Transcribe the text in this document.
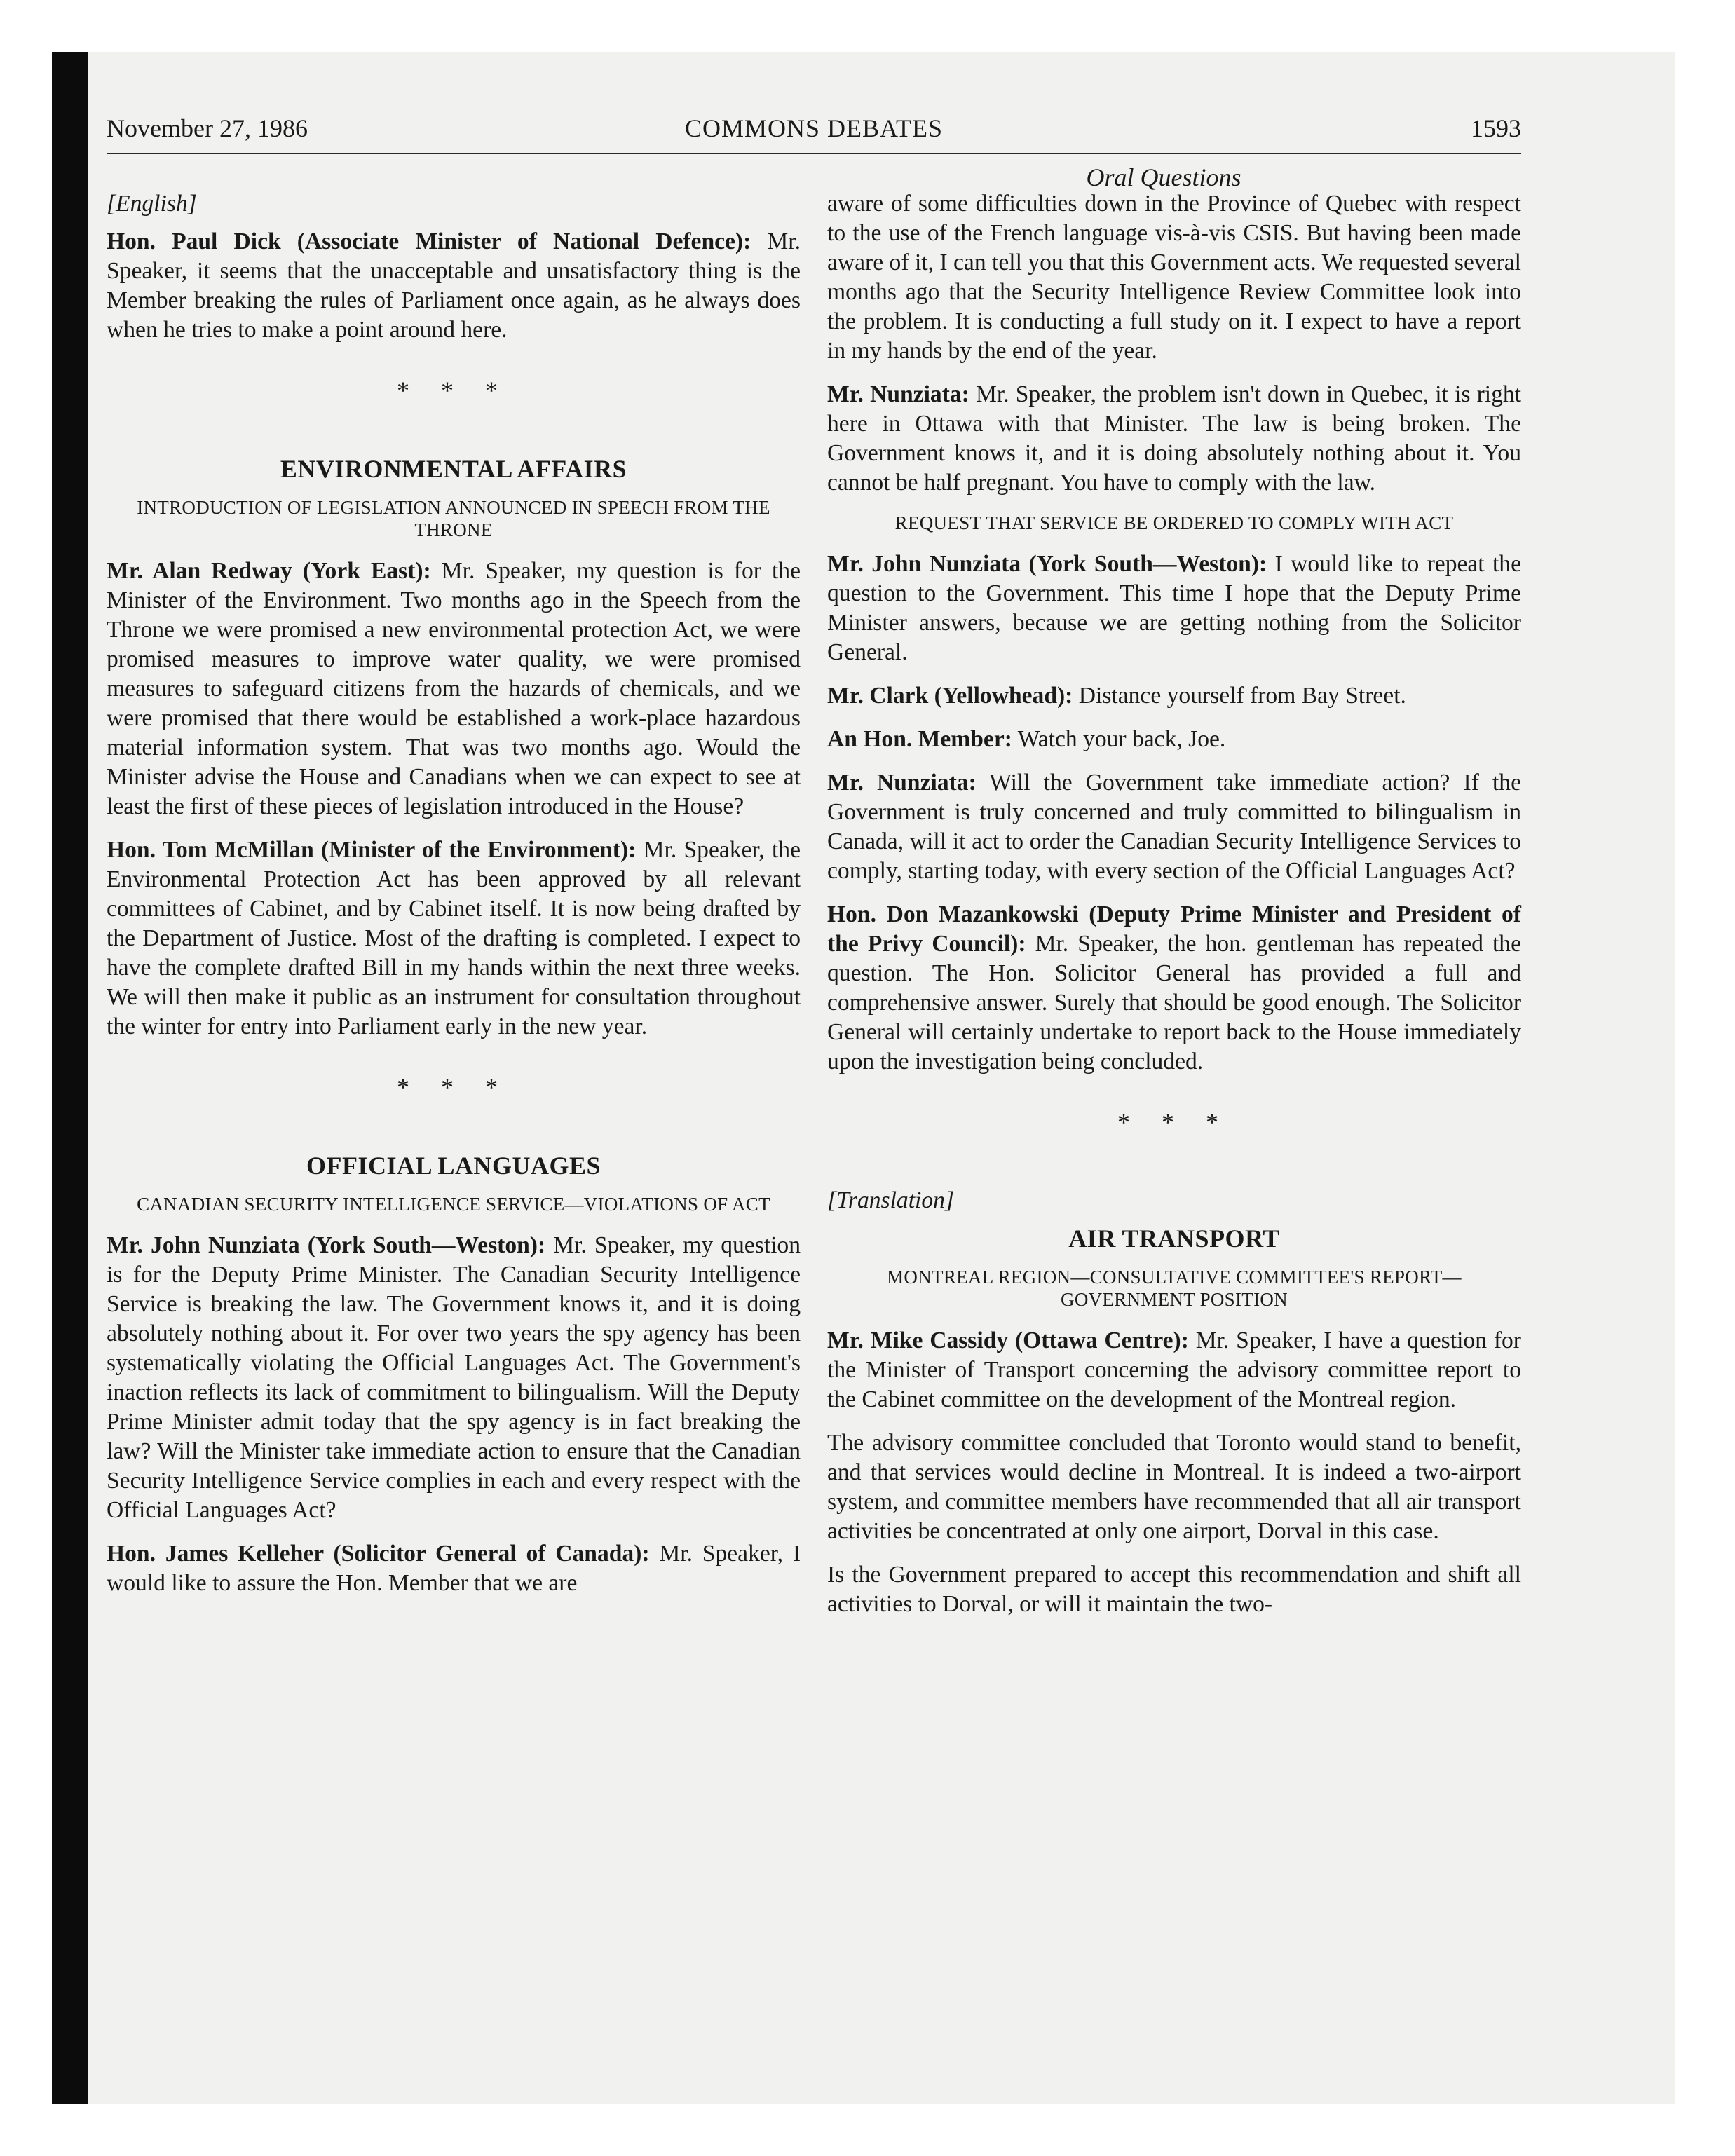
November 27, 1986	COMMONS DEBATES	1593
Oral Questions

[English]

Hon. Paul Dick (Associate Minister of National Defence): Mr. Speaker, it seems that the unacceptable and unsatisfactory thing is the Member breaking the rules of Parliament once again, as he always does when he tries to make a point around here.

* * *

ENVIRONMENTAL AFFAIRS

INTRODUCTION OF LEGISLATION ANNOUNCED IN SPEECH FROM THE THRONE

Mr. Alan Redway (York East): Mr. Speaker, my question is for the Minister of the Environment. Two months ago in the Speech from the Throne we were promised a new environmental protection Act, we were promised measures to improve water quality, we were promised measures to safeguard citizens from the hazards of chemicals, and we were promised that there would be established a work-place hazardous material information system. That was two months ago. Would the Minister advise the House and Canadians when we can expect to see at least the first of these pieces of legislation introduced in the House?

Hon. Tom McMillan (Minister of the Environment): Mr. Speaker, the Environmental Protection Act has been approved by all relevant committees of Cabinet, and by Cabinet itself. It is now being drafted by the Department of Justice. Most of the drafting is completed. I expect to have the complete drafted Bill in my hands within the next three weeks. We will then make it public as an instrument for consultation throughout the winter for entry into Parliament early in the new year.

* * *

OFFICIAL LANGUAGES

CANADIAN SECURITY INTELLIGENCE SERVICE—VIOLATIONS OF ACT

Mr. John Nunziata (York South—Weston): Mr. Speaker, my question is for the Deputy Prime Minister. The Canadian Security Intelligence Service is breaking the law. The Government knows it, and it is doing absolutely nothing about it. For over two years the spy agency has been systematically violating the Official Languages Act. The Government's inaction reflects its lack of commitment to bilingualism. Will the Deputy Prime Minister admit today that the spy agency is in fact breaking the law? Will the Minister take immediate action to ensure that the Canadian Security Intelligence Service complies in each and every respect with the Official Languages Act?

Hon. James Kelleher (Solicitor General of Canada): Mr. Speaker, I would like to assure the Hon. Member that we are

aware of some difficulties down in the Province of Quebec with respect to the use of the French language vis-à-vis CSIS. But having been made aware of it, I can tell you that this Government acts. We requested several months ago that the Security Intelligence Review Committee look into the problem. It is conducting a full study on it. I expect to have a report in my hands by the end of the year.

Mr. Nunziata: Mr. Speaker, the problem isn't down in Quebec, it is right here in Ottawa with that Minister. The law is being broken. The Government knows it, and it is doing absolutely nothing about it. You cannot be half pregnant. You have to comply with the law.

REQUEST THAT SERVICE BE ORDERED TO COMPLY WITH ACT

Mr. John Nunziata (York South—Weston): I would like to repeat the question to the Government. This time I hope that the Deputy Prime Minister answers, because we are getting nothing from the Solicitor General.

Mr. Clark (Yellowhead): Distance yourself from Bay Street.

An Hon. Member: Watch your back, Joe.

Mr. Nunziata: Will the Government take immediate action? If the Government is truly concerned and truly committed to bilingualism in Canada, will it act to order the Canadian Security Intelligence Services to comply, starting today, with every section of the Official Languages Act?

Hon. Don Mazankowski (Deputy Prime Minister and President of the Privy Council): Mr. Speaker, the hon. gentleman has repeated the question. The Hon. Solicitor General has provided a full and comprehensive answer. Surely that should be good enough. The Solicitor General will certainly undertake to report back to the House immediately upon the investigation being concluded.

* * *

[Translation]

AIR TRANSPORT

MONTREAL REGION—CONSULTATIVE COMMITTEE'S REPORT—GOVERNMENT POSITION

Mr. Mike Cassidy (Ottawa Centre): Mr. Speaker, I have a question for the Minister of Transport concerning the advisory committee report to the Cabinet committee on the development of the Montreal region.

The advisory committee concluded that Toronto would stand to benefit, and that services would decline in Montreal. It is indeed a two-airport system, and committee members have recommended that all air transport activities be concentrated at only one airport, Dorval in this case.

Is the Government prepared to accept this recommendation and shift all activities to Dorval, or will it maintain the two-
